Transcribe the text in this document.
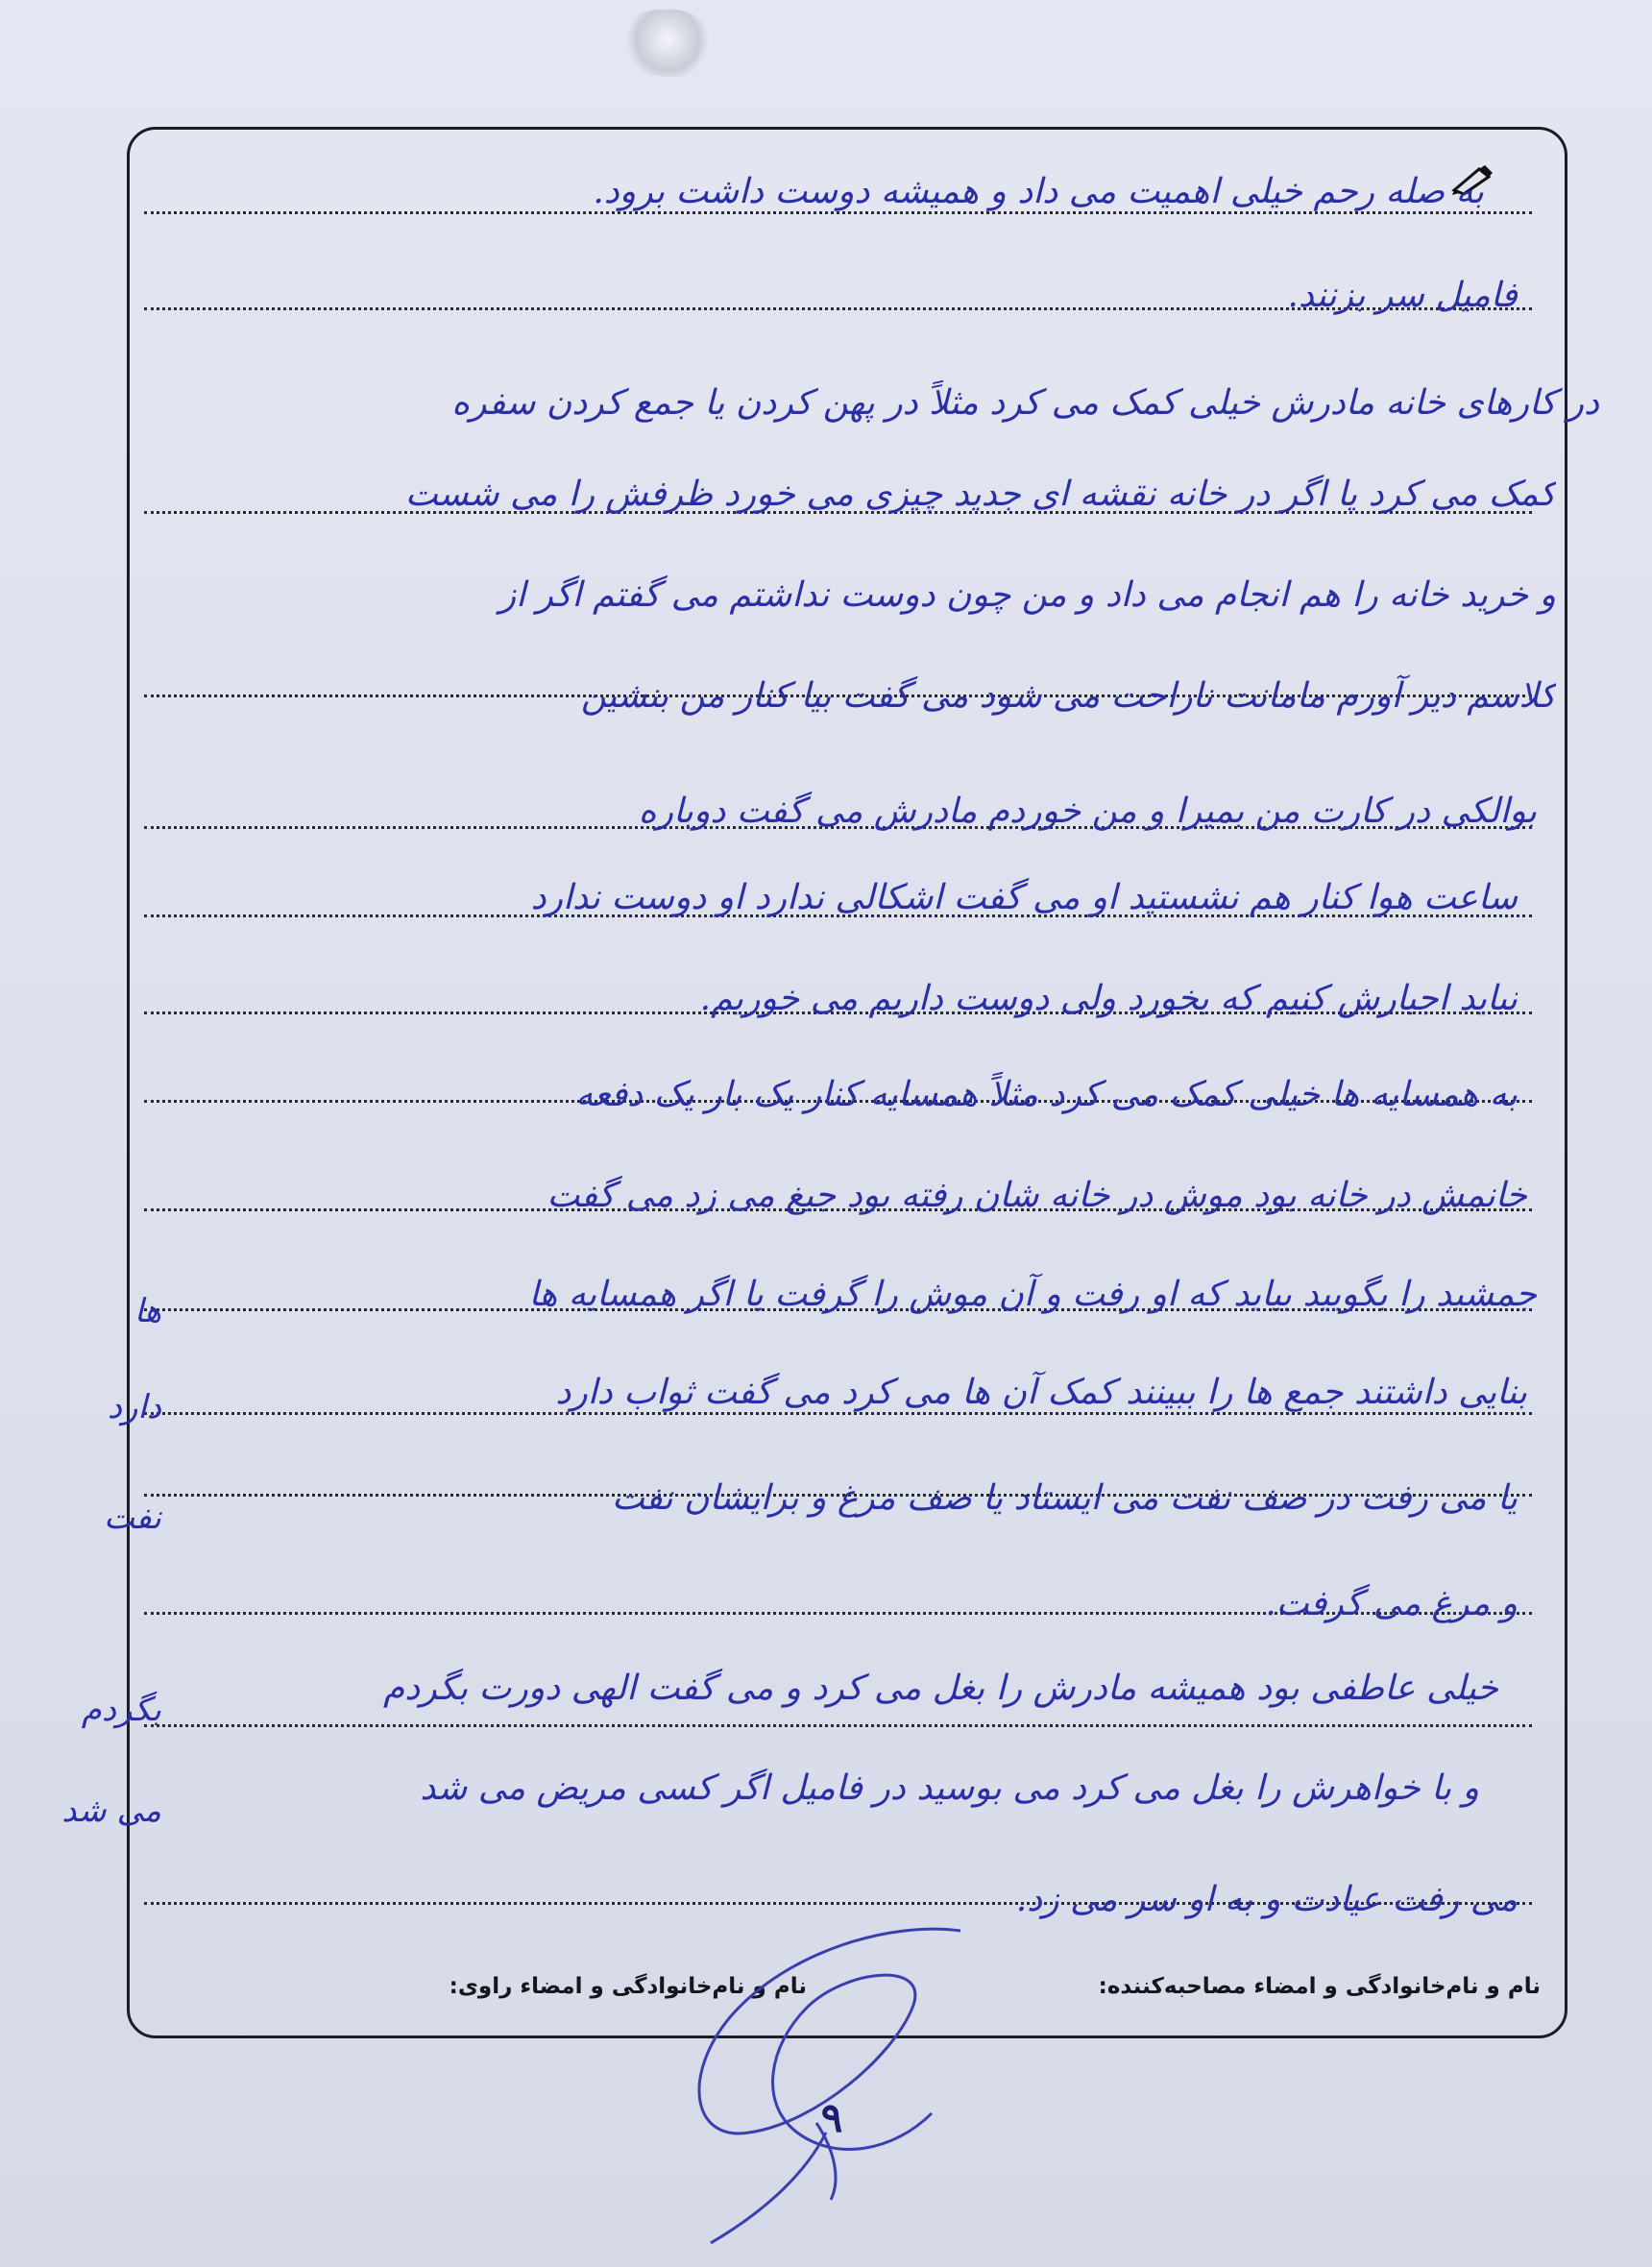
به صله رحم خیلی اهمیت می داد و همیشه دوست داشت برود.
فامیل سر بزنند.
در کارهای خانه مادرش خیلی کمک می کرد مثلاً در پهن کردن یا جمع کردن سفره
کمک می کرد یا اگر در خانه نقشه ای جدید چیزی می خورد ظرفش را می شست
و خرید خانه را هم انجام می داد و من چون دوست نداشتم می گفتم اگر از
کلاسم دیر آورم مامانت ناراحت می شود می گفت بیا کنار من بنشین
بوالکی در کارت من بمیرا و من خوردم مادرش می گفت دوباره
ساعت هوا کنار هم نشستید او می گفت اشکالی ندارد او دوست ندارد
نباید اجبارش کنیم که بخورد ولی دوست داریم می خوریم.
به همسایه ها خیلی کمک می کرد مثلاً همسایه کنار یک بار یک دفعه
خانمش در خانه بود موش در خانه شان رفته بود جیغ می زد می گفت
جمشید را بگویید بیاید که او رفت و آن موش را گرفت یا اگر همسایه ها
بنایی داشتند جمع ها را ببینند کمک آن ها می کرد می گفت ثواب دارد
یا می رفت در صف نفت می ایستاد یا صف مرغ و برایشان نفت
و مرغ می گرفت.
خیلی عاطفی بود همیشه مادرش را بغل می کرد و می گفت الهی دورت بگردم
و با خواهرش را بغل می کرد می بوسید در فامیل اگر کسی مریض می شد
می رفت عیادت و به او سر می زد.
ها
دارد
نفت
بگردم
می شد
نام و نام‌خانوادگی و امضاء مصاحبه‌کننده:
نام و نام‌خانوادگی و امضاء راوی:
۹
